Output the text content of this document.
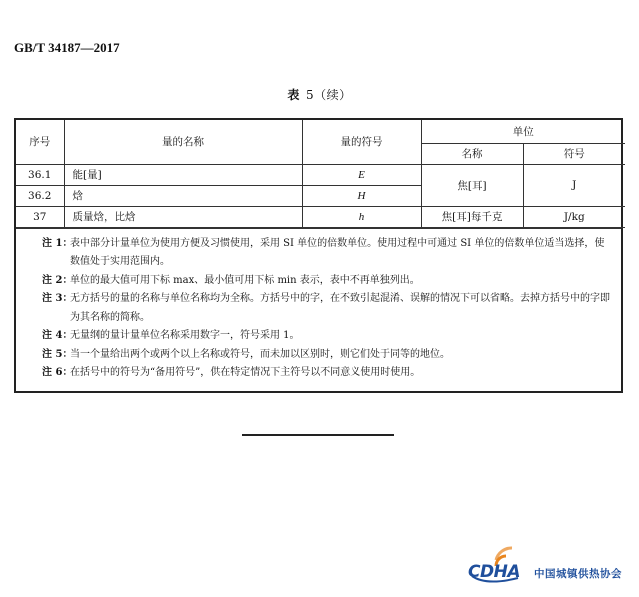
GB/T 34187—2017
表 5（续）
序号	量的名称	量的符号	单位	
			名称	符号
36.1	能[量]	E	焦[耳]	J
36.2	焓	H		
37	质量焓，比焓	h	焦[耳]每千克	J/kg
注 1：
表中部分计量单位为使用方便及习惯使用，采用 SI 单位的倍数单位。使用过程中可通过 SI 单位的倍数单位适当选择，使数值处于实用范围内。
注 2：
单位的最大值可用下标 max、最小值可用下标 min 表示，表中不再单独列出。
注 3：
无方括号的量的名称与单位名称均为全称。方括号中的字，在不致引起混淆、误解的情况下可以省略。去掉方括号中的字即为其名称的简称。
注 4：
无量纲的量计量单位名称采用数字一，符号采用 1。
注 5：
当一个量给出两个或两个以上名称或符号，而未加以区别时，则它们处于同等的地位。
注 6：
在括号中的符号为“备用符号”，供在特定情况下主符号以不同意义使用时使用。
CDHA 中国城镇供热协会
